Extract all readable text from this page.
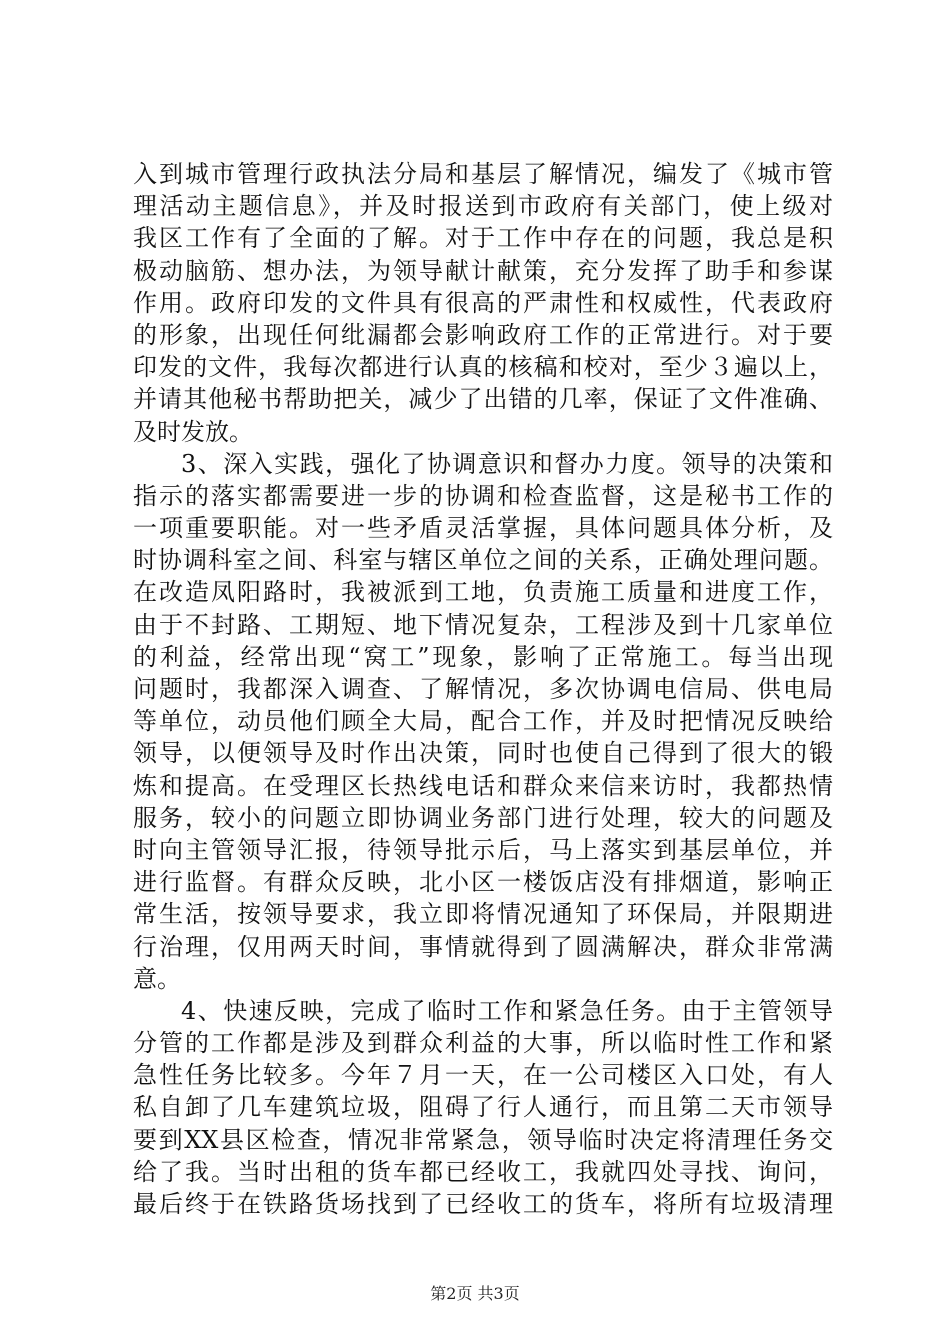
入到城市管理行政执法分局和基层了解情况，编发了《城市管
理活动主题信息》，并及时报送到市政府有关部门，使上级对
我区工作有了全面的了解。对于工作中存在的问题，我总是积
极动脑筋、想办法，为领导献计献策，充分发挥了助手和参谋
作用。政府印发的文件具有很高的严肃性和权威性，代表政府
的形象，出现任何纰漏都会影响政府工作的正常进行。对于要
印发的文件，我每次都进行认真的核稿和校对，至少３遍以上，
并请其他秘书帮助把关，减少了出错的几率，保证了文件准确、
及时发放。
3、深入实践，强化了协调意识和督办力度。领导的决策和
指示的落实都需要进一步的协调和检查监督，这是秘书工作的
一项重要职能。对一些矛盾灵活掌握，具体问题具体分析，及
时协调科室之间、科室与辖区单位之间的关系，正确处理问题。
在改造凤阳路时，我被派到工地，负责施工质量和进度工作，
由于不封路、工期短、地下情况复杂，工程涉及到十几家单位
的利益，经常出现“窝工”现象，影响了正常施工。每当出现
问题时，我都深入调查、了解情况，多次协调电信局、供电局
等单位，动员他们顾全大局，配合工作，并及时把情况反映给
领导，以便领导及时作出决策，同时也使自己得到了很大的锻
炼和提高。在受理区长热线电话和群众来信来访时，我都热情
服务，较小的问题立即协调业务部门进行处理，较大的问题及
时向主管领导汇报，待领导批示后，马上落实到基层单位，并
进行监督。有群众反映，北小区一楼饭店没有排烟道，影响正
常生活，按领导要求，我立即将情况通知了环保局，并限期进
行治理，仅用两天时间，事情就得到了圆满解决，群众非常满
意。
4、快速反映，完成了临时工作和紧急任务。由于主管领导
分管的工作都是涉及到群众利益的大事，所以临时性工作和紧
急性任务比较多。今年７月一天，在一公司楼区入口处，有人
私自卸了几车建筑垃圾，阻碍了行人通行，而且第二天市领导
要到XX县区检查，情况非常紧急，领导临时决定将清理任务交
给了我。当时出租的货车都已经收工，我就四处寻找、询问，
最后终于在铁路货场找到了已经收工的货车，将所有垃圾清理
第2页 共3页
